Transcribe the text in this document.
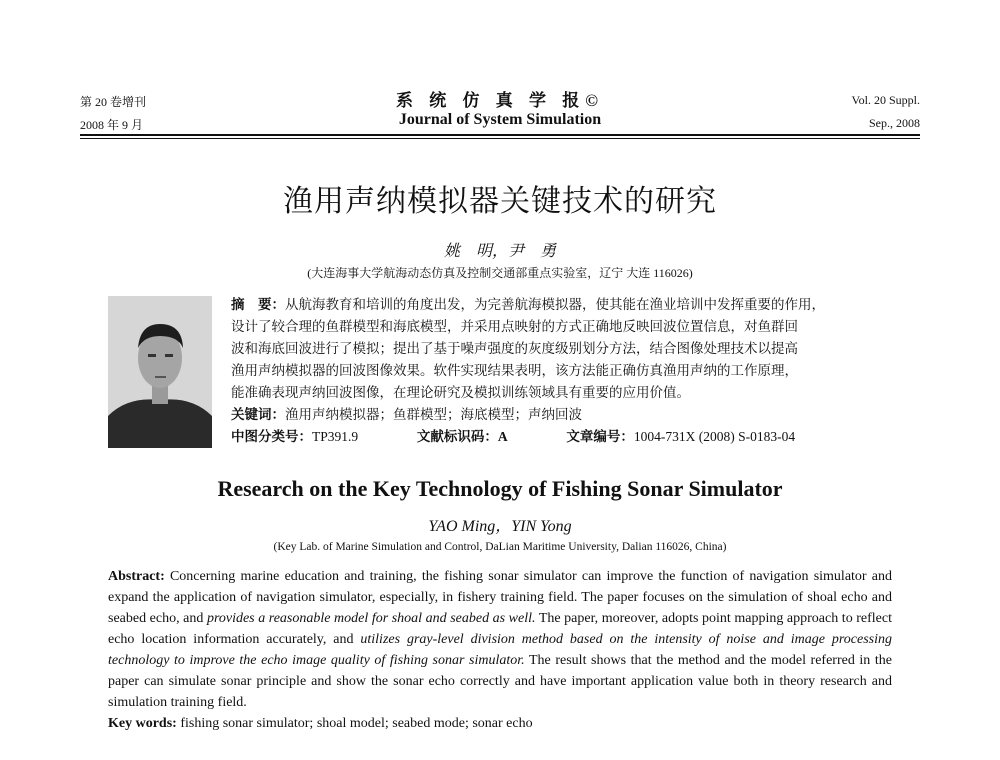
第 20 卷增刊
2008 年 9 月
系 统 仿 真 学 报©
Journal of System Simulation
Vol. 20 Suppl.
Sep., 2008
渔用声纳模拟器关键技术的研究
姚　明，尹　勇
(大连海事大学航海动态仿真及控制交通部重点实验室，辽宁 大连 116026)

摘　要：从航海教育和培训的角度出发，为完善航海模拟器，使其能在渔业培训中发挥重要的作用，

设计了较合理的鱼群模型和海底模型，并采用点映射的方式正确地反映回波位置信息，对鱼群回

波和海底回波进行了模拟；提出了基于噪声强度的灰度级别划分方法，结合图像处理技术以提高

渔用声纳模拟器的回波图像效果。软件实现结果表明，该方法能正确仿真渔用声纳的工作原理，

能准确表现声纳回波图像，在理论研究及模拟训练领域具有重要的应用价值。

关键词：渔用声纳模拟器；鱼群模型；海底模型；声纳回波

中图分类号：TP391.9	文献标识码：A	文章编号：1004-731X (2008) S-0183-04

Research on the Key Technology of Fishing Sonar Simulator
YAO Ming，YIN Yong
(Key Lab. of Marine Simulation and Control, DaLian Maritime University, Dalian 116026, China)

Abstract: Concerning marine education and training, the fishing sonar simulator can improve the function of navigation simulator and expand the application of navigation simulator, especially, in fishery training field. The paper focuses on the simulation of shoal echo and seabed echo, and provides a reasonable model for shoal and seabed as well. The paper, moreover, adopts point mapping approach to reflect echo location information accurately, and utilizes gray-level division method based on the intensity of noise and image processing technology to improve the echo image quality of fishing sonar simulator. The result shows that the method and the model referred in the paper can simulate sonar principle and show the sonar echo correctly and have important application value both in theory research and simulation training field.

Key words: fishing sonar simulator; shoal model; seabed mode; sonar echo
